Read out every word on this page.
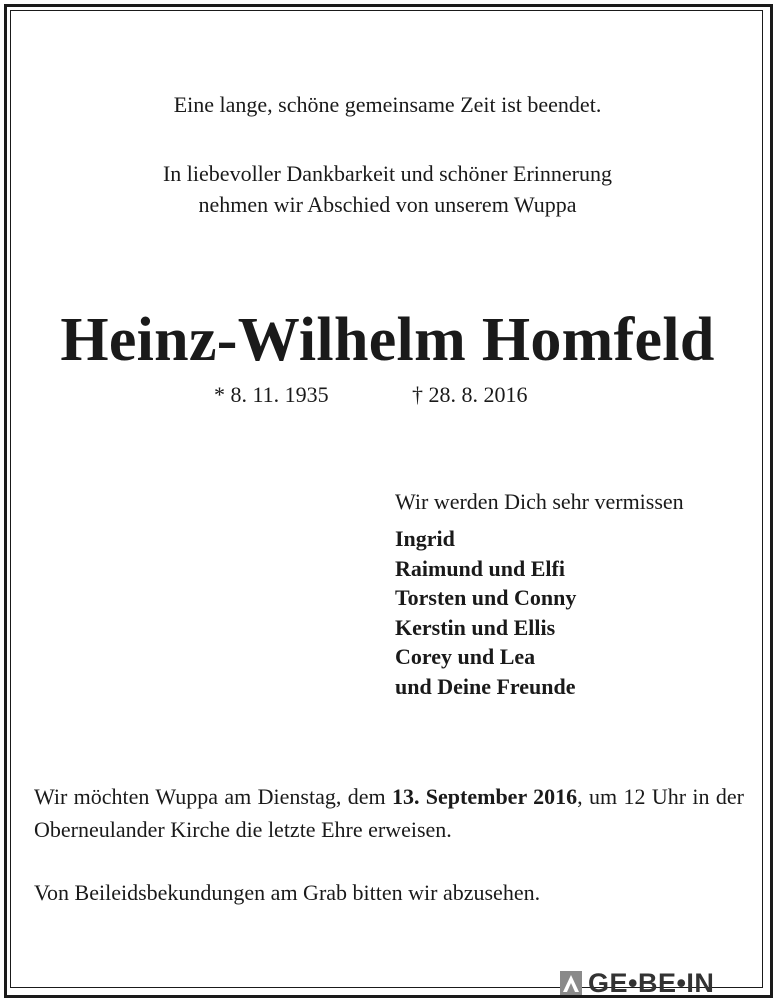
Eine lange, schöne gemeinsame Zeit ist beendet.
In liebevoller Dankbarkeit und schöner Erinnerung
nehmen wir Abschied von unserem Wuppa
Heinz-Wilhelm Homfeld
* 8. 11. 1935	† 28. 8. 2016
Wir werden Dich sehr vermissen
Ingrid
Raimund und Elfi
Torsten und Conny
Kerstin und Ellis
Corey und Lea
und Deine Freunde
Wir möchten Wuppa am Dienstag, dem 13. September 2016, um 12 Uhr in der Oberneulander Kirche die letzte Ehre erweisen.
Von Beileidsbekundungen am Grab bitten wir abzusehen.
GE•BE•IN
